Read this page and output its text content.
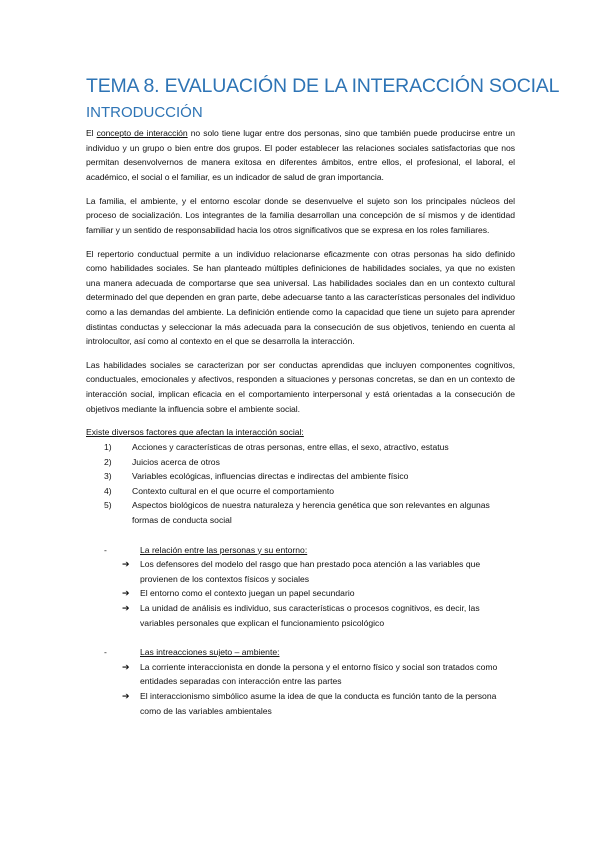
TEMA 8. EVALUACIÓN DE LA INTERACCIÓN SOCIAL
INTRODUCCIÓN

El concepto de interacción no solo tiene lugar entre dos personas, sino que también puede producirse entre un individuo y un grupo o bien entre dos grupos. El poder establecer las relaciones sociales satisfactorias que nos permitan desenvolvernos de manera exitosa en diferentes ámbitos, entre ellos, el profesional, el laboral, el académico, el social o el familiar, es un indicador de salud de gran importancia.

La familia, el ambiente, y el entorno escolar donde se desenvuelve el sujeto son los principales núcleos del proceso de socialización. Los integrantes de la familia desarrollan una concepción de sí mismos y de identidad familiar y un sentido de responsabilidad hacia los otros significativos que se expresa en los roles familiares.

El repertorio conductual permite a un individuo relacionarse eficazmente con otras personas ha sido definido como habilidades sociales. Se han planteado múltiples definiciones de habilidades sociales, ya que no existen una manera adecuada de comportarse que sea universal. Las habilidades sociales dan en un contexto cultural determinado del que dependen en gran parte, debe adecuarse tanto a las características personales del individuo como a las demandas del ambiente. La definición entiende como la capacidad que tiene un sujeto para aprender distintas conductas y seleccionar la más adecuada para la consecución de sus objetivos, teniendo en cuenta al introlocultor, así como al contexto en el que se desarrolla la interacción.

Las habilidades sociales se caracterizan por ser conductas aprendidas que incluyen componentes cognitivos, conductuales, emocionales y afectivos, responden a situaciones y personas concretas, se dan en un contexto de interacción social, implican eficacia en el comportamiento interpersonal y está orientadas a la consecución de objetivos mediante la influencia sobre el ambiente social.

Existe diversos factores que afectan la interacción social:

1)	Acciones y características de otras personas, entre ellas, el sexo, atractivo, estatus
2)	Juicios acerca de otros
3)	Variables ecológicas, influencias directas e indirectas del ambiente físico
4)	Contexto cultural en el que ocurre el comportamiento
5)	Aspectos biológicos de nuestra naturaleza y herencia genética que son relevantes en algunas formas de conducta social
-	La relación entre las personas y su entorno:
➔	Los defensores del modelo del rasgo que han prestado poca atención a las variables que provienen de los contextos físicos y sociales
➔	El entorno como el contexto juegan un papel secundario
➔	La unidad de análisis es individuo, sus características o procesos cognitivos, es decir, las variables personales que explican el funcionamiento psicológico
-	Las intreacciones sujeto – ambiente:
➔	La corriente interaccionista en donde la persona y el entorno físico y social son tratados como entidades separadas con interacción entre las partes
➔	El interaccionismo simbólico asume la idea de que la conducta es función tanto de la persona como de las variables ambientales
